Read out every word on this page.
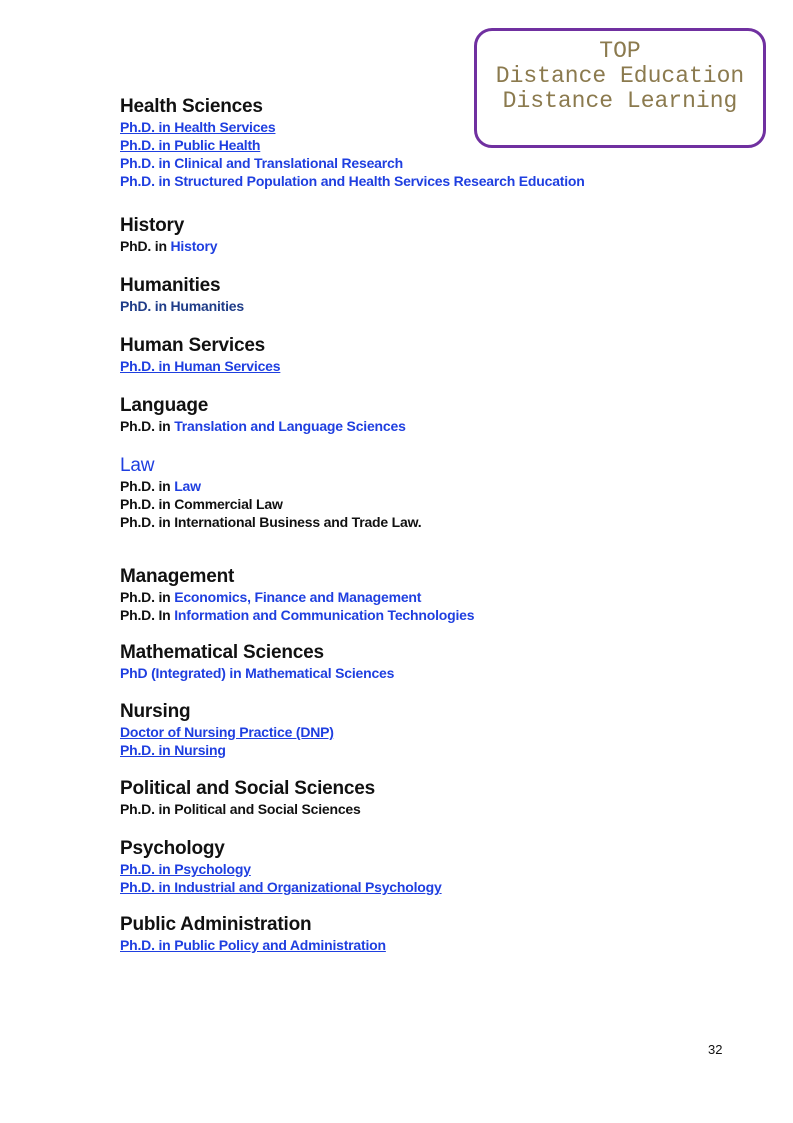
TOP
Distance Education
Distance Learning
Health Sciences
Ph.D. in Health Services
Ph.D. in Public Health
Ph.D. in Clinical and Translational Research
Ph.D. in Structured Population and Health Services Research Education
History
PhD. in History
Humanities
PhD. in Humanities
Human Services
Ph.D. in Human Services
Language
Ph.D. in Translation and Language Sciences
Law
Ph.D. in Law
Ph.D. in Commercial Law
Ph.D. in International Business and Trade Law.
Management
Ph.D. in Economics, Finance and Management
Ph.D. In Information and Communication Technologies
Mathematical Sciences
PhD (Integrated) in Mathematical Sciences
Nursing
Doctor of Nursing Practice (DNP)
Ph.D. in Nursing
Political and Social Sciences
Ph.D. in Political and Social Sciences
Psychology
Ph.D. in Psychology
Ph.D. in Industrial and Organizational Psychology
Public Administration
Ph.D. in Public Policy and Administration
32
